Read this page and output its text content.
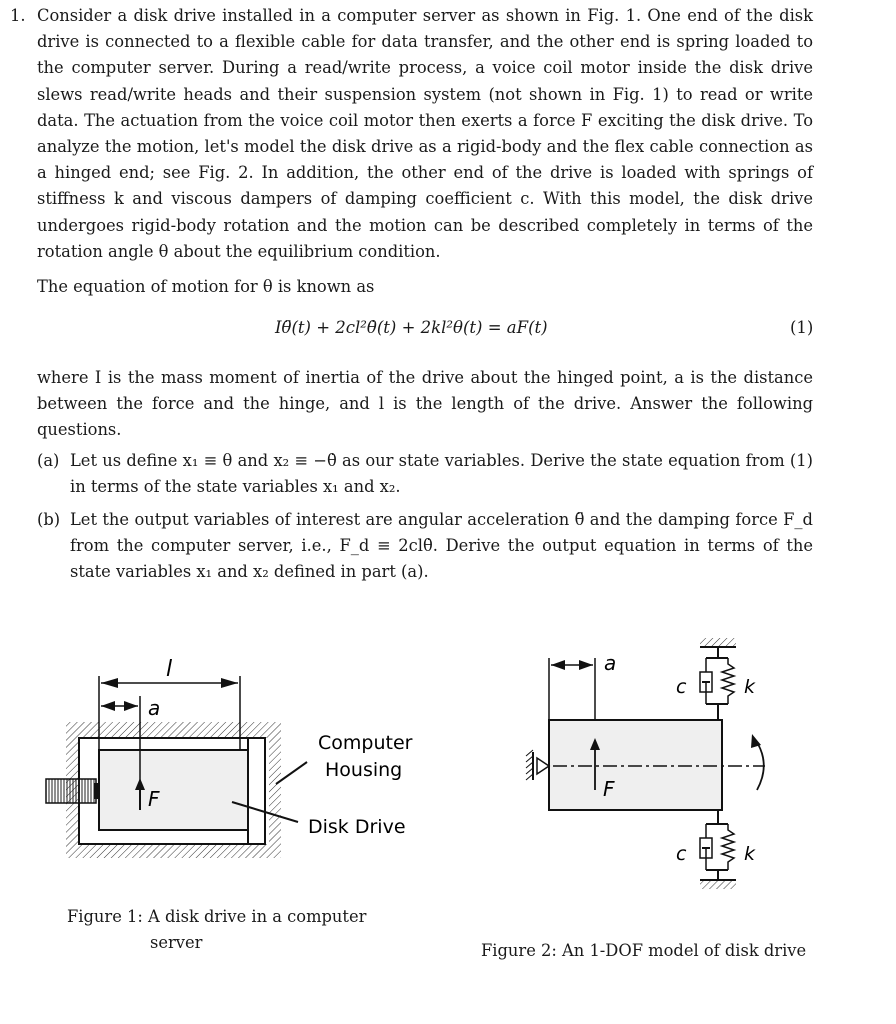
1. Consider a disk drive installed in a computer server as shown in Fig. 1. One end of the disk drive is connected to a flexible cable for data transfer, and the other end is spring loaded to the computer server. During a read/write process, a voice coil motor inside the disk drive slews read/write heads and their suspension system (not shown in Fig. 1) to read or write data. The actuation from the voice coil motor then exerts a force F exciting the disk drive. To analyze the motion, let's model the disk drive as a rigid-body and the flex cable connection as a hinged end; see Fig. 2. In addition, the other end of the drive is loaded with springs of stiffness k and viscous dampers of damping coefficient c. With this model, the disk drive undergoes rigid-body rotation and the motion can be described completely in terms of the rotation angle θ about the equilibrium condition.

The equation of motion for θ is known as

Iθ̈(t) + 2cl²θ̇(t) + 2kl²θ(t) = aF(t)	(1)

where I is the mass moment of inertia of the drive about the hinged point, a is the distance between the force and the hinge, and l is the length of the drive. Answer the following questions.

(a) Let us define x₁ ≡ θ and x₂ ≡ −θ̇ as our state variables. Derive the state equation from (1) in terms of the state variables x₁ and x₂.
(b) Let the output variables of interest are angular acceleration θ̈ and the damping force F_d from the computer server, i.e., F_d ≡ 2clθ̇. Derive the output equation in terms of the state variables x₁ and x₂ defined in part (a).
l
a
F
Computer
Housing
Disk Drive
a
F
c	k
c	k
Figure 1: A disk drive in a computer
server	Figure 2: An 1-DOF model of disk drive
